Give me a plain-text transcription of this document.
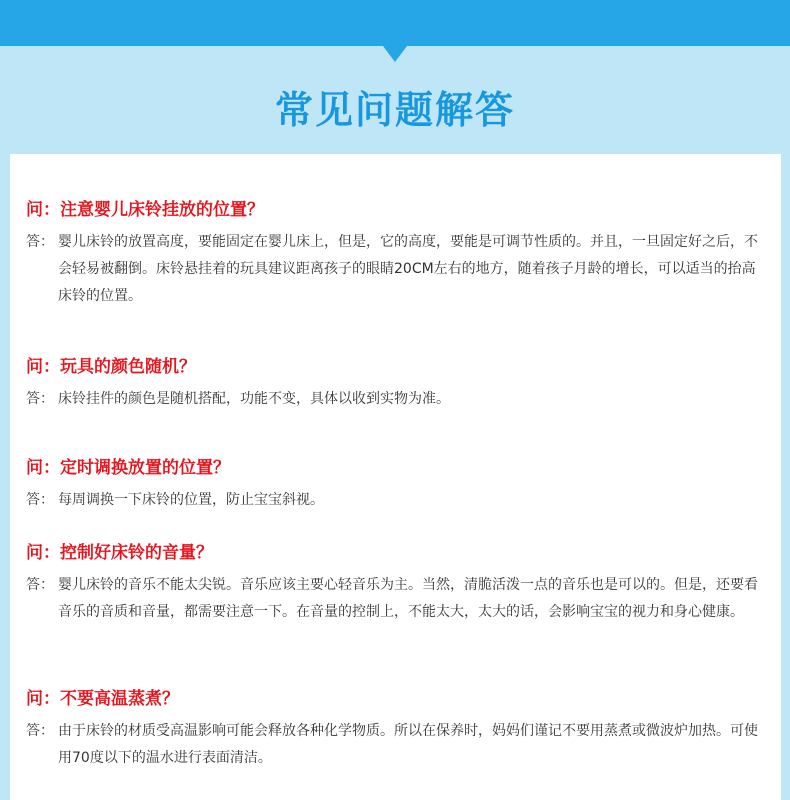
常见问题解答
问：注意婴儿床铃挂放的位置？
答： 婴儿床铃的放置高度，要能固定在婴儿床上，但是，它的高度，要能是可调节性质的。并且，一旦固定好之后，不会轻易被翻倒。床铃悬挂着的玩具建议距离孩子的眼睛20CM左右的地方，随着孩子月龄的增长，可以适当的抬高床铃的位置。
问：玩具的颜色随机？
答： 床铃挂件的颜色是随机搭配，功能不变，具体以收到实物为准。
问：定时调换放置的位置？
答： 每周调换一下床铃的位置，防止宝宝斜视。
问：控制好床铃的音量？
答： 婴儿床铃的音乐不能太尖锐。音乐应该主要心轻音乐为主。当然，清脆活泼一点的音乐也是可以的。但是，还要看音乐的音质和音量，都需要注意一下。在音量的控制上，不能太大，太大的话，会影响宝宝的视力和身心健康。
问：不要高温蒸煮？
答： 由于床铃的材质受高温影响可能会释放各种化学物质。所以在保养时，妈妈们谨记不要用蒸煮或微波炉加热。可使用70度以下的温水进行表面清洁。
